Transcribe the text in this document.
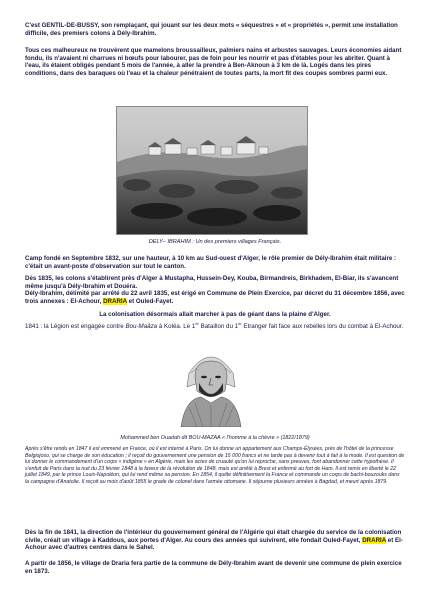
C'est GENTIL-DE-BUSSY, son remplaçant, qui jouant sur les deux mots « séquestres » et « propriétés », permit une installation difficile, des premiers colons à Dély-Ibrahim.

Tous ces malheureux ne trouvèrent que mamelons broussailleux, palmiers nains et arbustes sauvages. Leurs économies aidant fondu, ils n'avaient ni charrues ni bœufs pour labourer, pas de foin pour les nourrir et pas d'étables pour les abriter. Quant à l'eau, ils étaient obligés pendant 5 mois de l'année, à aller la prendre à Ben-Aknoun à 3 km de là. Logés dans les pires conditions, dans des baraques où l'eau et la chaleur pénétraient de toutes parts, la mort fit des coupes sombres parmi eux.

DELY– IBRAHIM : Un des premiers villages Français.

Camp fondé en Septembre 1832, sur une hauteur, à 10 km au Sud-ouest d'Alger, le rôle premier de Dély-Ibrahim était militaire : c'était un avant-poste d'observation sur tout le canton.

Dès 1835, les colons s'établirent près d'Alger à Mustapha, Hussein-Dey, Kouba, Birmandreis, Birkhadem, El-Biar, ils s'avancent même jusqu'à Dély-Ibrahim et Douéra.
Dély-Ibrahim, délimité par arrêté du 22 avril 1835, est érigé en Commune de Plein Exercice, par décret du 31 décembre 1856, avec trois annexes : El-Achour, DRARIA et Ouled-Fayet.

La colonisation désormais allait marcher à pas de géant dans la plaine d'Alger.

1841 : la Légion est engagée contre Bou-Maâza à Koléa. Le 1er Bataillon du 1er Etranger fait face aux rebelles lors du combat à El-Achour.

Mohammed ben Ouadah dit BOU-MAZAA « l'homme à la chèvre » (1822/1879)

Après s'être rendu en 1847 il est emmené en France, où il est interné à Paris. On lui donne un appartement aux Champs-Élysées, près de l'hôtel de la princesse Belgiojoso, qui se charge de son éducation ; il reçoit du gouvernement une pension de 15 000 francs et ne tarde pas à devenir tout à fait à la mode. Il est question de lui donner le commandement d'un corps « indigène » en Algérie, mais les actes de cruauté qu'on lui reproche, sans preuves, font abandonner cette hypothèse. Il s'enfuit de Paris dans la nuit du 23 février 1848 à la faveur de la révolution de 1848, mais est arrêté à Brest et enfermé au fort de Ham. Il est remis en liberté le 22 juillet 1849, par le prince Louis-Napoléon, qui lui rend même sa pension. En 1854, il quitte définitivement la France et commande un corps de bachi-bouzouks dans la campagne d'Anatolie. Il reçoit au mois d'août 1855 le grade de colonel dans l'armée ottomane. Il séjourne plusieurs années à Bagdad, et meurt après 1879.

Dès la fin de 1841, la direction de l'intérieur du gouvernement général de l'Algérie qui était chargée du service de la colonisation civile, créait un village à Kaddous, aux portes d'Alger. Au cours des années qui suivirent, elle fondait Ouled-Fayet, DRARIA et El-Achour avec d'autres centres dans le Sahel.

A partir de 1856, le village de Draria fera partie de la commune de Dély-Ibrahim avant de devenir une commune de plein exercice en 1873.
